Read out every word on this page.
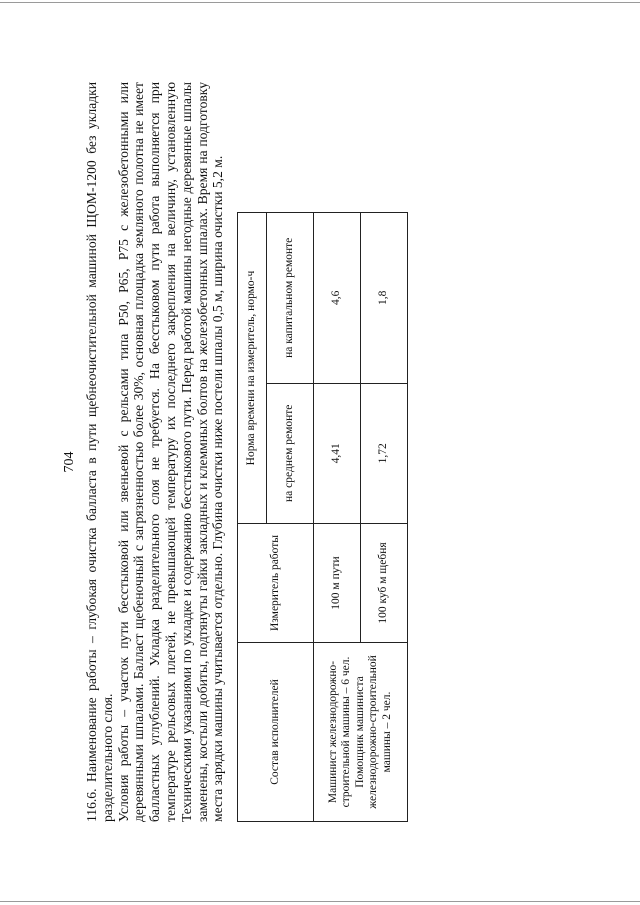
704 116.6. Наименование работы – глубокая очистка балласта в пути щебнеочистительной машиной ЩОМ-1200 без укладки разделительного слоя. Условия работы – участок пути бесстыковой или звеньевой с рельсами типа Р50, Р65, Р75 с железобетонными или деревянными шпалами. Балласт щебеночный с загрязненностью более 30%, основная площадка земляного полотна не имеет балластных углублений. Укладка разделительного слоя не требуется. На бесстыковом пути работа выполняется при температуре рельсовых плетей, не превышающей температуру их последнего закрепления на величину, установленную Техническими указаниями по укладке и содержанию бесстыкового пути. Перед работой машины негодные деревянные шпалы заменены, костыли добиты, подтянуты гайки закладных и клеммных болтов на железобетонных шпалах. Время на подготовку места зарядки машины учитывается отдельно. Глубина очистки ниже постели шпалы 0,5 м, ширина очистки 5,2 м.	Состав исполнителей	Измеритель работы	Норма времени на измеритель, нормо-ч	
		на среднем ремонте	на капитальном ремонте

Машинист железнодорожно-строительной машины – 6 чел. Помощник машиниста железнодорожно-строительной машины – 2 чел.	100 м пути	4,41	4,6
	100 куб м щебня	1,72	1,8
